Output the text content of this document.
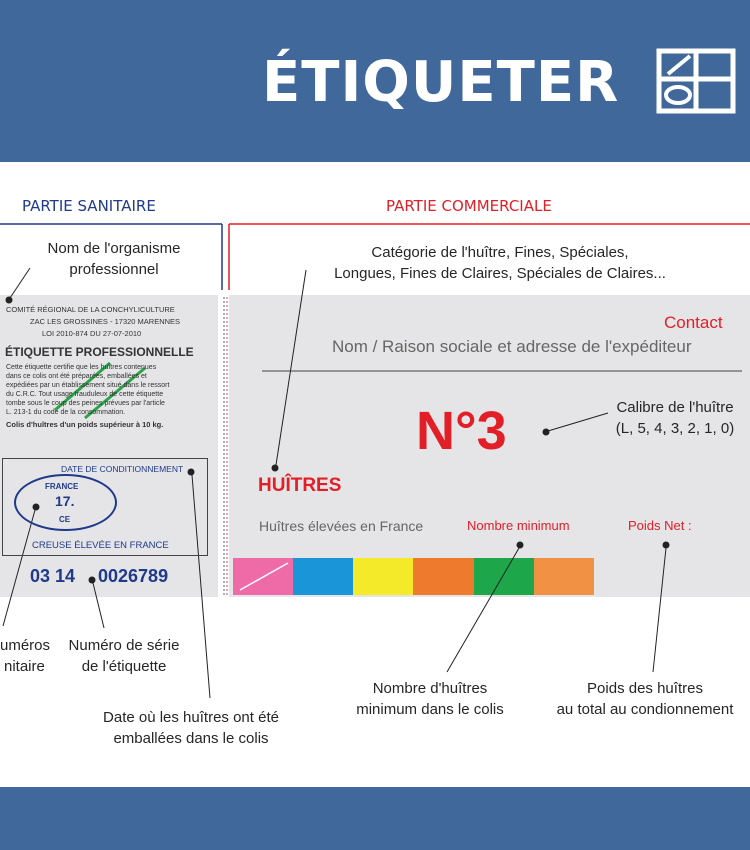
ÉTIQUETER
PARTIE SANITAIRE	PARTIE COMMERCIALE
COMITÉ RÉGIONAL DE LA CONCHYLICULTURE
ZAC LES GROSSINES - 17320 MARENNES
LOI 2010-874 DU 27-07-2010
ÉTIQUETTE PROFESSIONNELLE
Cette étiquette certifie que les huîtres contenues
dans ce colis ont été préparées, emballées et
expédiées par un établissement situé dans le ressort
du C.R.C. Tout usage frauduleux de cette étiquette
tombe sous le coup des peines prévues par l'article
L. 213-1 du code de la consommation.
Colis d'huîtres d'un poids supérieur à 10 kg.
DATE DE CONDITIONNEMENT
FRANCE
17.
CE
CREUSE ÉLEVÉE EN FRANCE
03 14 0026789
Contact
Nom / Raison sociale et adresse de l'expéditeur
N°3
HUÎTRES
Huîtres élevées en France	Nombre minimum	Poids Net :
Nom de l'organisme
professionnel
Catégorie de l'huître, Fines, Spéciales,
Longues, Fines de Claires, Spéciales de Claires...
Calibre de l'huître
(L, 5, 4, 3, 2, 1, 0)
uméros
nitaire
Numéro de série
de l'étiquette
Date où les huîtres ont été
emballées dans le colis
Nombre d'huîtres
minimum dans le colis
Poids des huîtres
au total au condionnement
